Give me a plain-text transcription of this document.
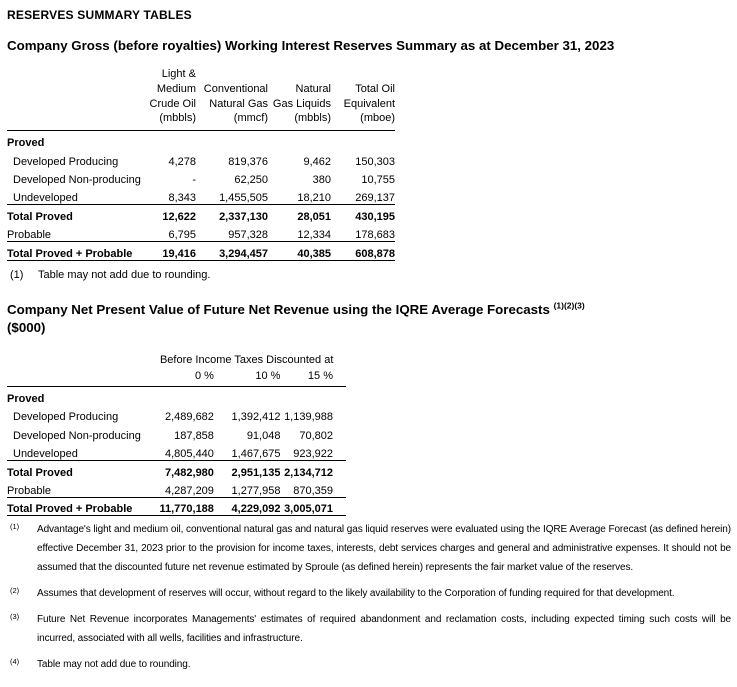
RESERVES SUMMARY TABLES
Company Gross (before royalties) Working Interest Reserves Summary as at December 31, 2023

Light &
Medium
Crude Oil
(mbbls)

Conventional
Natural Gas
(mmcf)

Natural
Gas Liquids
(mbbls)

Total Oil
Equivalent
(mboe)

Proved				
Developed Producing	4,278	819,376	9,462	150,303
Developed Non-producing	-	62,250	380	10,755
Undeveloped	8,343	1,455,505	18,210	269,137
Total Proved	12,622	2,337,130	28,051	430,195
Probable	6,795	957,328	12,334	178,683
Total Proved + Probable	19,416	3,294,457	40,385	608,878
(1)	Table may not add due to rounding.
Company Net Present Value of Future Net Revenue using the IQRE Average Forecasts $^{(1)(2)(3)}$
($000)
	Before Income Taxes Discounted at		
	0 %	10 %	15 %
Proved			
Developed Producing	2,489,682	1,392,412	1,139,988
Developed Non-producing	187,858	91,048	70,802
Undeveloped	4,805,440	1,467,675	923,922
Total Proved	7,482,980	2,951,135	2,134,712
Probable	4,287,209	1,277,958	870,359
Total Proved + Probable	11,770,188	4,229,092	3,005,071
(1)	Advantage's light and medium oil, conventional natural gas and natural gas liquid reserves were evaluated using the IQRE Average Forecast (as defined herein) effective December 31, 2023 prior to the provision for income taxes, interests, debt services charges and general and administrative expenses. It should not be assumed that the discounted future net revenue estimated by Sproule (as defined herein) represents the fair market value of the reserves.
(2)	Assumes that development of reserves will occur, without regard to the likely availability to the Corporation of funding required for that development.
(3)	Future Net Revenue incorporates Managements' estimates of required abandonment and reclamation costs, including expected timing such costs will be incurred, associated with all wells, facilities and infrastructure.
(4)	Table may not add due to rounding.
